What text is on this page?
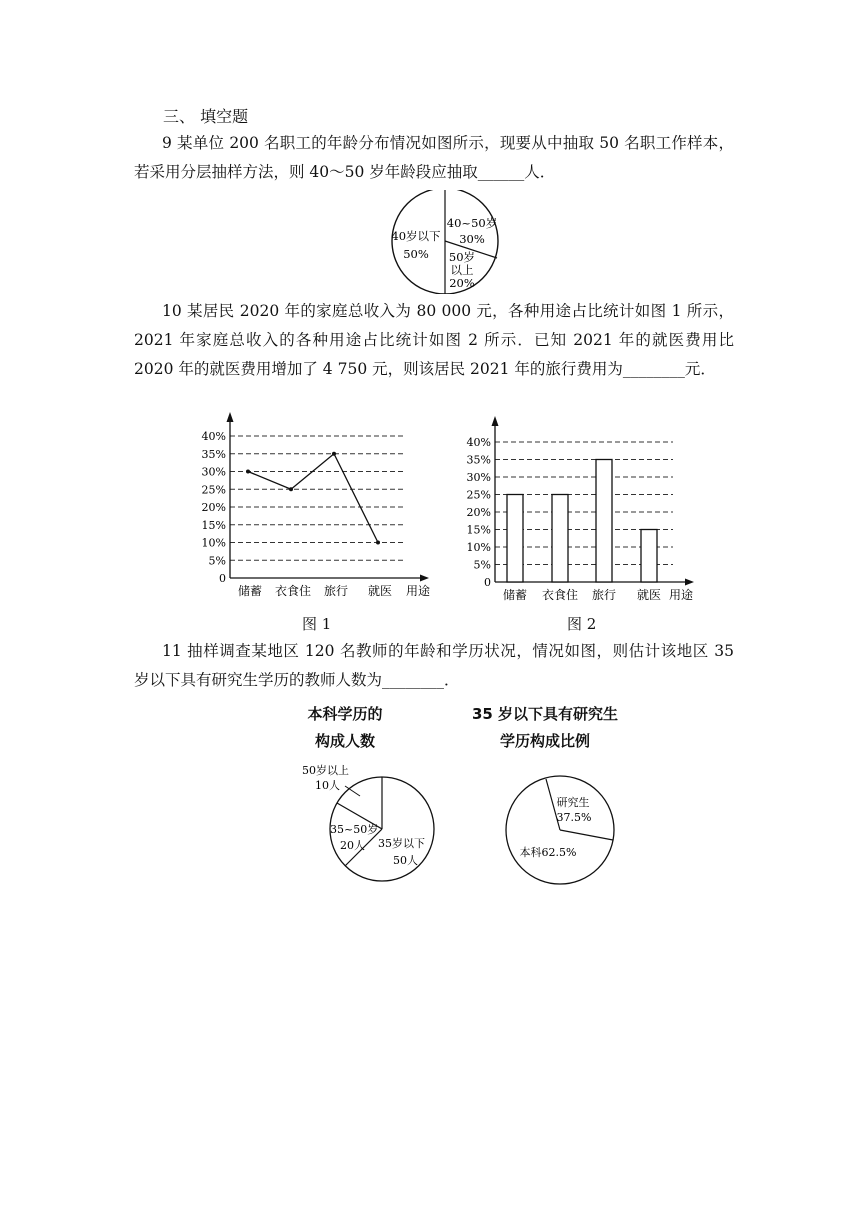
三、 填空题

9 某单位 200 名职工的年龄分布情况如图所示，现要从中抽取 50 名职工作样本，若采用分层抽样方法，则 40～50 岁年龄段应抽取______人．

40岁以下
50%
40~50岁
30%
50岁
以上
20%

10 某居民 2020 年的家庭总收入为 80 000 元，各种用途占比统计如图 1 所示，2021 年家庭总收入的各种用途占比统计如图 2 所示．已知 2021 年的就医费用比 2020 年的就医费用增加了 4 750 元，则该居民 2021 年的旅行费用为________元．

0
5%
10%
15%
20%
25%
30%
35%
40%
储蓄 衣食住 旅行 就医 用途
0
5%
10%
15%
20%
25%
30%
35%
40%
储蓄 衣食住 旅行 就医 用途
图 1	图 2

11 抽样调查某地区 120 名教师的年龄和学历状况，情况如图，则估计该地区 35 岁以下具有研究生学历的教师人数为________．

本科学历的
构成人数
35 岁以下具有研究生
学历构成比例
50岁以上
10人
35~50岁
20人 35岁以下
50人
研究生
37.5%
本科62.5%
